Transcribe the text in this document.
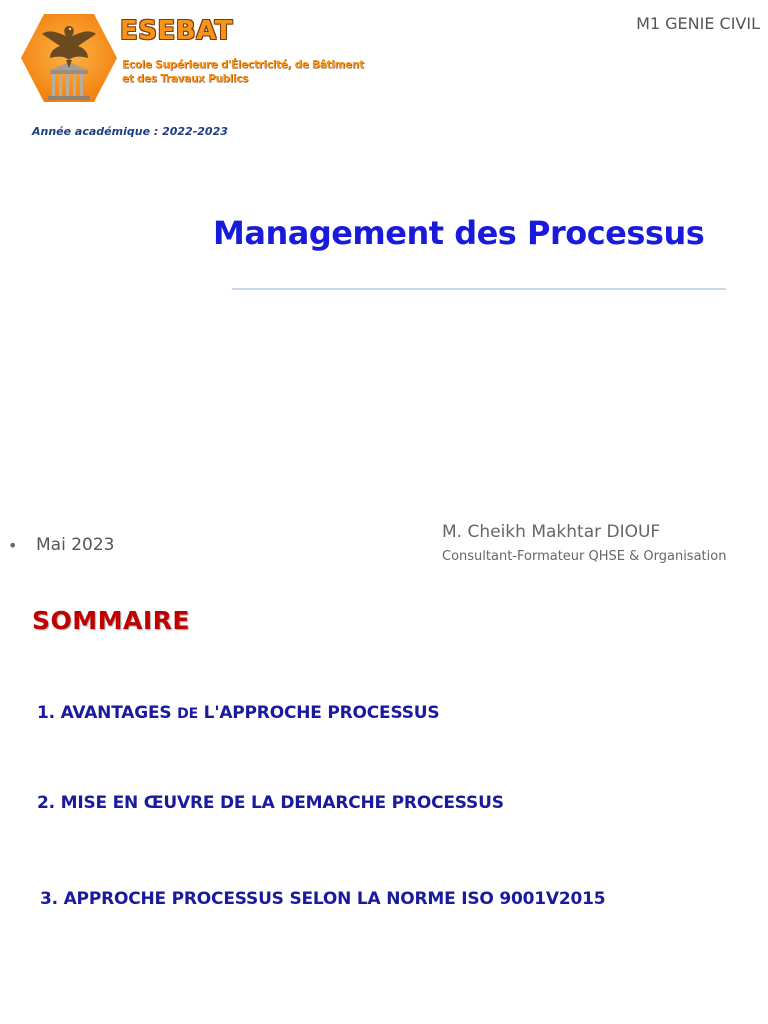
ESEBAT
Ecole Supérieure d'Électricité, de Bâtiment
et des Travaux Publics
M1 GENIE CIVIL
Année académique : 2022-2023
Management des Processus
• Mai 2023
M. Cheikh Makhtar DIOUF
Consultant-Formateur QHSE & Organisation
SOMMAIRE
1. AVANTAGES DE L'APPROCHE PROCESSUS
2. MISE EN ŒUVRE DE LA DEMARCHE PROCESSUS
3. APPROCHE PROCESSUS SELON LA NORME ISO 9001V2015
